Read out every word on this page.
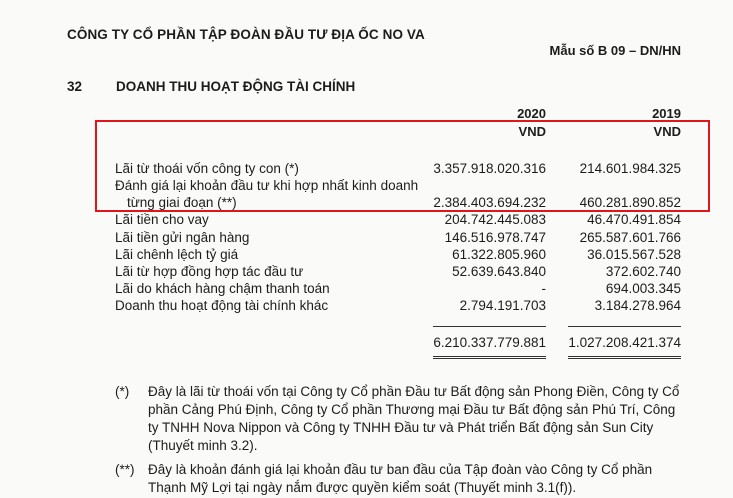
CÔNG TY CỔ PHẦN TẬP ĐOÀN ĐẦU TƯ ĐỊA ỐC NO VA
Mẫu số B 09 – DN/HN
32	DOANH THU HOẠT ĐỘNG TÀI CHÍNH
2020	2019
VND	VND
Lãi từ thoái vốn công ty con (*)	3.357.918.020.316 214.601.984.325
Đánh giá lại khoản đầu tư khi hợp nhất kinh doanh
từng giai đoạn (**)	2.384.403.694.232 460.281.890.852
Lãi tiền cho vay	204.742.445.083	46.470.491.854
Lãi tiền gửi ngân hàng	146.516.978.747 265.587.601.766
Lãi chênh lệch tỷ giá	61.322.805.960	36.015.567.528
Lãi từ hợp đồng hợp tác đầu tư	52.639.643.840	372.602.740
Lãi do khách hàng chậm thanh toán	-	694.003.345
Doanh thu hoạt động tài chính khác	2.794.191.703	3.184.278.964
6.210.337.779.881 1.027.208.421.374
(*) Đây là lãi từ thoái vốn tại Công ty Cổ phần Đầu tư Bất động sản Phong Điền, Công ty Cổ phần Cảng Phú Định, Công ty Cổ phần Thương mại Đầu tư Bất động sản Phú Trí, Công ty TNHH Nova Nippon và Công ty TNHH Đầu tư và Phát triển Bất động sản Sun City (Thuyết minh 3.2).
(**) Đây là khoản đánh giá lại khoản đầu tư ban đầu của Tập đoàn vào Công ty Cổ phần Thạnh Mỹ Lợi tại ngày nắm được quyền kiểm soát (Thuyết minh 3.1(f)).
